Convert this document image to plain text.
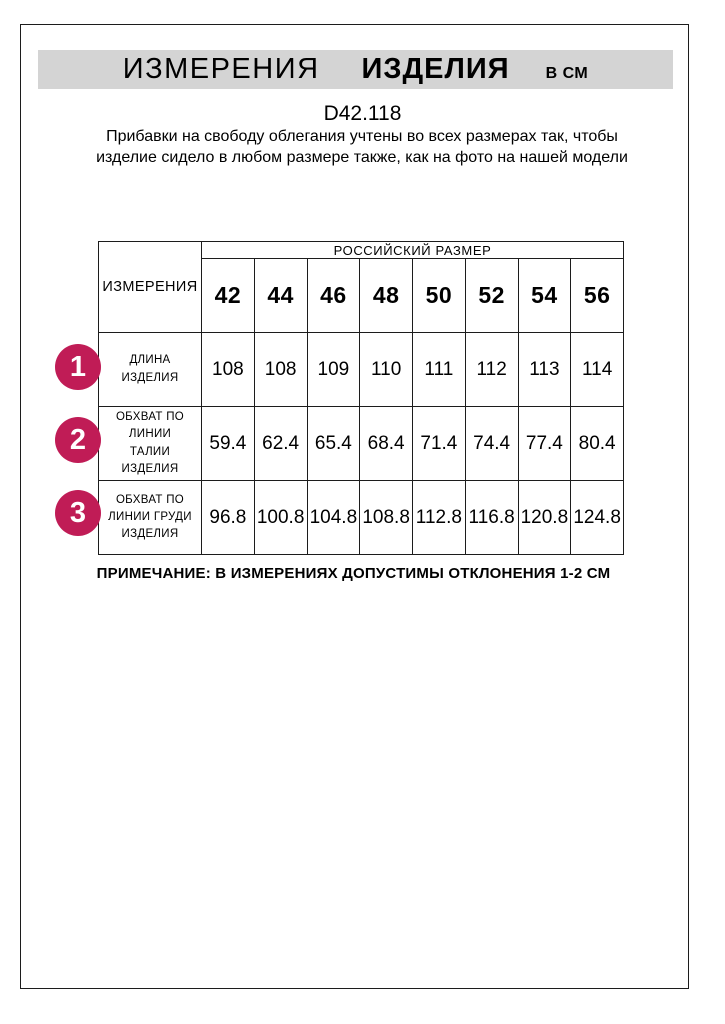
ИЗМЕРЕНИЯ ИЗДЕЛИЯ В СМ
D42.118
Прибавки на свободу облегания учтены во всех размерах так, чтобы изделие сидело в любом размере также, как на фото на нашей модели
ИЗМЕРЕНИЯ	РОССИЙСКИЙ РАЗМЕР							
	42	44	46	48	50	52	54	56
ДЛИНА ИЗДЕЛИЯ	108	108	109	110	111	112	113	114
ОБХВАТ ПО ЛИНИИ ТАЛИИ ИЗДЕЛИЯ	59.4	62.4	65.4	68.4	71.4	74.4	77.4	80.4
ОБХВАТ ПО ЛИНИИ ГРУДИ ИЗДЕЛИЯ	96.8	100.8	104.8	108.8	112.8	116.8	120.8	124.8
1
2
3
ПРИМЕЧАНИЕ: В ИЗМЕРЕНИЯХ ДОПУСТИМЫ ОТКЛОНЕНИЯ 1-2 СМ
